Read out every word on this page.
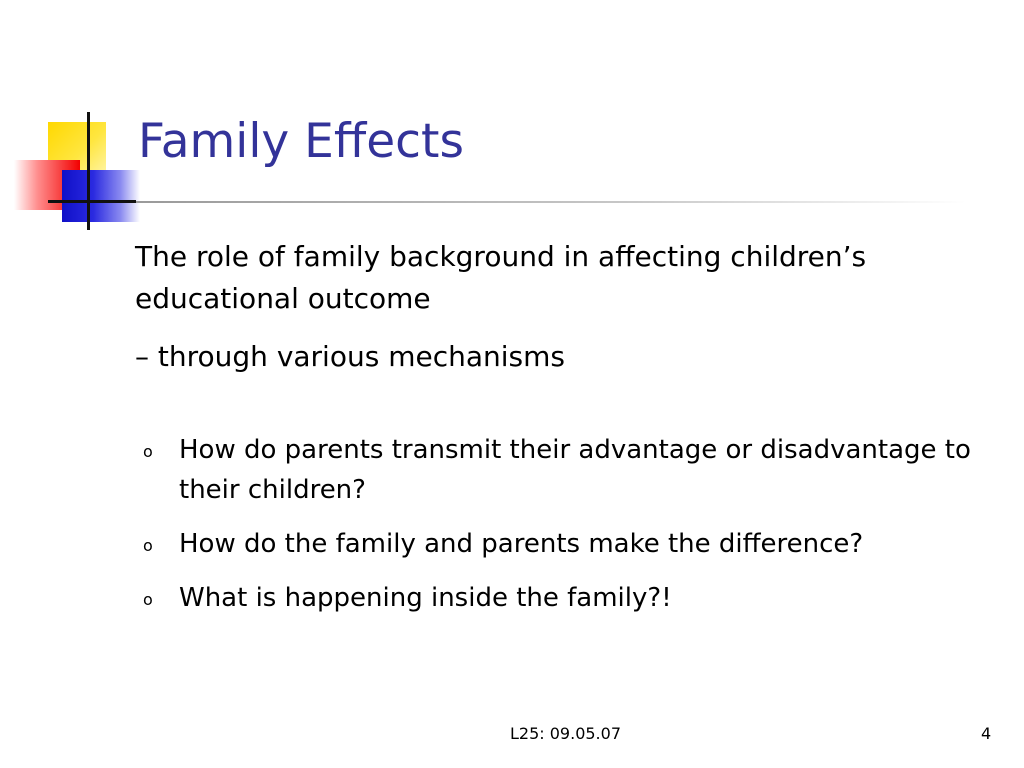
Family Effects

The role of family background in affecting children’s educational outcome

– through various mechanisms

o How do parents transmit their advantage or disadvantage to their children?
o How do the family and parents make the difference?
o What is happening inside the family?!
L25: 09.05.07	4
